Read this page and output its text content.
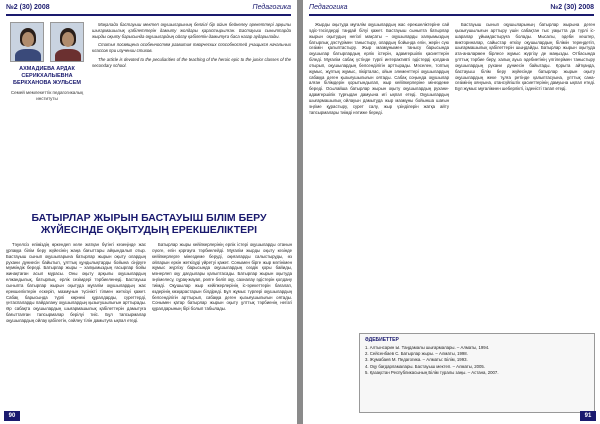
№2 (30) 2008	Педагогика
АХМАДИЕВА АРДАК
СЕРИКХАЛЫЕВНА
БЕРКХАНОВА ЖУЛЬСЕМ
Семей мемлекеттік педагогикалық институты

Мақалада бастауыш мектеп оқушыларының белгілі бір ойын бейнелеу әрекеттері арқылы шығармашылық қабілеттерін дамыту жолдары қарастырылған. Бастауыш сыныптарда жырды оқыту барысында оқушылардың ойлау қабілетін дамытуға баса назар аударылады.

Статья посвящена особенностям развития творческих способностей учащихся начальных классов при изучении стихов.

The article is devoted to the peculiarities of the teaching of the heroic epic to the junior classes of the secondary school.

БАТЫРЛАР ЖЫРЫН БАСТАУЫШ БІЛІМ БЕРУ ЖҮЙЕСІНДЕ ОҚЫТУДЫҢ ЕРЕКШЕЛІКТЕРІ

Тәуелсіз еліміздің өркендеп келе жатқан бүгінгі кезеңінде жас ұрпаққа білім беру жүйесінің жаңа бағыттары айқындалып отыр. Бастауыш сынып оқушыларына батырлар жырын оқыту олардың рухани дүниесін байытып, ұлттық құндылықтарды бойына сіңіруге мүмкіндік береді. Батырлар жыры – халқымыздың ғасырлар бойы жинақтаған асыл мұрасы. Оны оқыту арқылы оқушылардың елжандылық, батырлық, ерлік сезімдері тәрбиеленеді. Бастауыш сыныпта батырлар жырын оқытуда мұғалім оқушылардың жас ерекшеліктерін ескеріп, мазмұнын түсінікті тілмен жеткізуі қажет. Сабақ барысында түрлі көрнекі құралдарды, суреттерді, үнтаспаларды пайдалану оқушылардың қызығушылығын арттырады. Әр сабақта оқушылардың шығармашылық қабілеттерін дамытуға бағытталған тапсырмалар берілуі тиіс. Бұл тапсырмалар оқушылардың ойлау қабілетін, сөйлеу тілін дамытуға ықпал етеді.

Батырлар жыры кейіпкерлерінің ерлік істері оқушыларды отанын сүюге, елін қорғауға тәрбиелейді. Мұғалім жырды оқыту кезінде кейіпкерлерге мінездеме беруді, оқиғаларды салыстыруды, өз ойларын еркін жеткізуді үйретуі қажет. Сонымен бірге жыр мәтінімен жұмыс жүргізу барысында оқушылардың сөздік қоры байиды, мәнерлеп оқу дағдылары қалыптасады. Батырлар жырын оқытуда әңгімелесу, сұрақ-жауап, рөлге бөліп оқу, сахналау әдістерін қолдану тиімді. Оқушылар жыр кейіпкерлерінің іс-әрекеттерін бағалап, өздерінің көзқарастарын білдіреді. Бұл жұмыс түрлері оқушылардың белсенділігін арттырып, сабаққа деген қызығушылығын оятады. Сонымен қатар батырлар жырын оқыту ұлттық тәрбиенің негізгі құралдарының бірі болып табылады.

90
Педагогика	№2 (30) 2008

Жырды оқытуда мұғалім оқушылардың жас ерекшеліктеріне сай әдіс-тәсілдерді таңдай білуі қажет. Бастауыш сыныпта батырлар жырын оқытудың негізгі мақсаты – оқушыларды халқымыздың батырлық дәстүрімен таныстыру, олардың бойында елін, жерін сүю сезімін қалыптастыру. Жыр мазмұнымен танысу барысында оқушылар батырлардың ерлік істерін, адамгершілік қасиеттерін біледі. Мұғалім сабақ үстінде түрлі интерактивті әдістерді қолдана отырып, оқушылардың белсенділігін арттырады. Мәселен, топтық жұмыс, жұптық жұмыс, пікірталас, ойын элементтері оқушылардың сабаққа деген қызығушылығын оятады. Сабақ соңында оқушылар алған білімдерін қорытындылап, жыр кейіпкерлеріне мінездеме береді. Осылайша батырлар жырын оқыту оқушылардың рухани-адамгершілік тұрғыдан дамуына игі ықпал етеді. Оқушылардың шығармашылық ойлауын дамытуда жыр мазмұны бойынша шағын әңгіме құрастыру, сурет салу, жыр үзінділерін жатқа айту тапсырмалары тиімді нәтиже береді.

Бастауыш сынып оқушыларының батырлар жырына деген қызығушылығын арттыру үшін сабақтан тыс уақытта да түрлі іс-шаралар ұйымдастыруға болады. Мысалы, әдеби кештер, викториналар, сайыстар өткізу оқушылардың білімін тереңдетіп, шығармашылық қабілеттерін шыңдайды. Батырлар жырын оқытуда ата-аналармен бірлесе жұмыс жүргізу де маңызды. Отбасында ұлттық тәрбие беру, халық ауыз әдебиетінің үлгілерімен таныстыру оқушылардың рухани дүниесін байытады. Қорыта айтқанда, бастауыш білім беру жүйесінде батырлар жырын оқыту оқушылардың жеке тұлға ретінде қалыптасуына, ұлттық сана-сезімінің оянуына, отансүйгіштік қасиеттерінің дамуына ықпал етеді. Бұл жұмыс мұғалімнен шеберлікті, ізденісті талап етеді.

ӘДЕБИЕТТЕР
1. Алтынсарин Ы. Таңдамалы шығармалары. – Алматы, 1994.
2. Сейсенбаев С. Батырлар жыры. – Алматы, 1998.
3. Жұмабаев М. Педагогика. – Алматы: Білім, 1993.
4. Оқу бағдарламалары. Бастауыш мектеп. – Алматы, 2005.
5. Қазақстан Республикасының Білім туралы заңы. – Астана, 2007.
91
